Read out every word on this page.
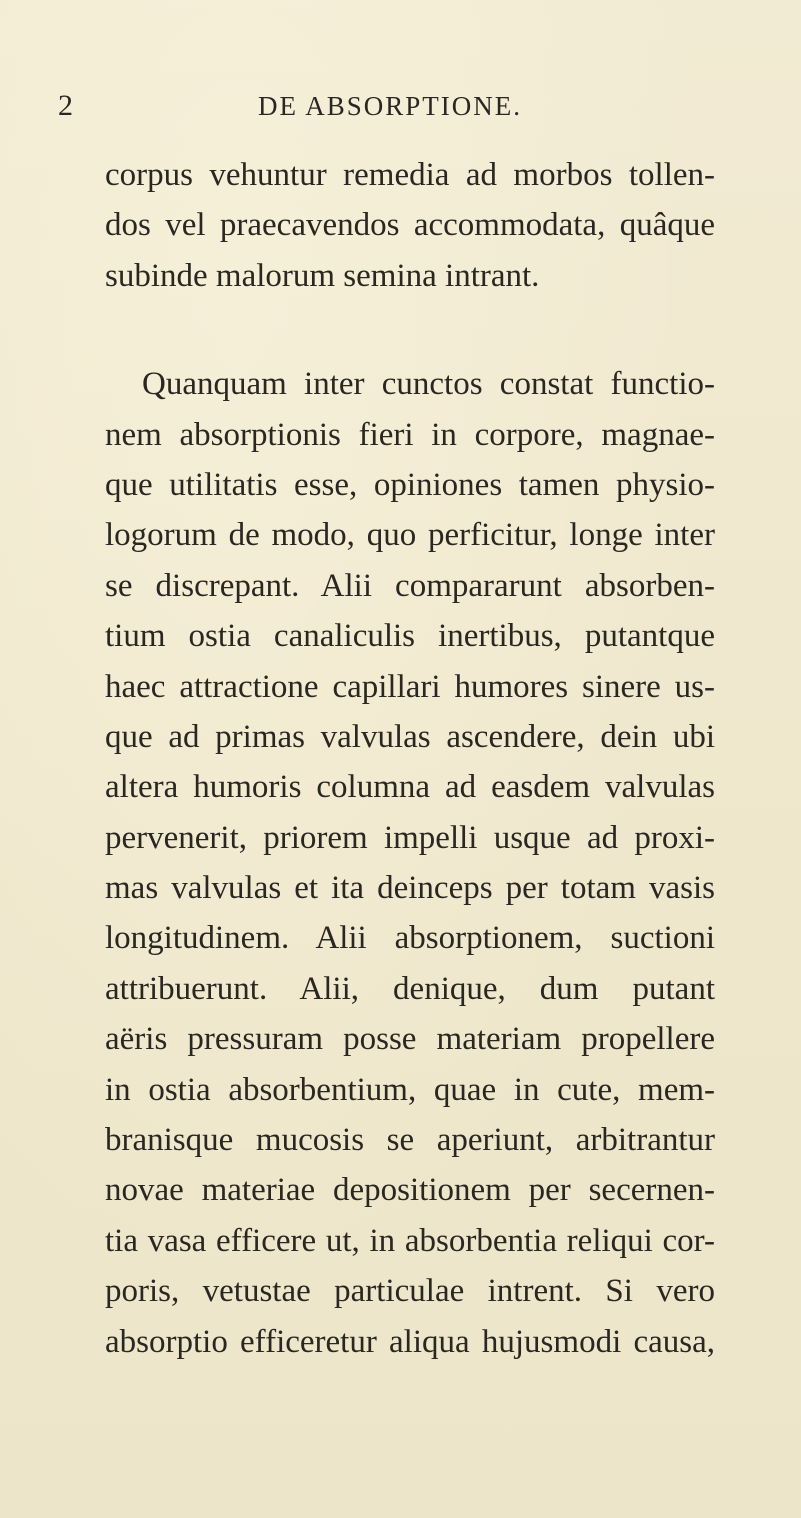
2	DE ABSORPTIONE.
corpus vehuntur remedia ad morbos tollen-
dos vel praecavendos accommodata, quâque
subinde malorum semina intrant.
Quanquam inter cunctos constat functio-
nem absorptionis fieri in corpore, magnae-
que utilitatis esse, opiniones tamen physio-
logorum de modo, quo perficitur, longe inter
se discrepant. Alii compararunt absorben-
tium ostia canaliculis inertibus, putantque
haec attractione capillari humores sinere us-
que ad primas valvulas ascendere, dein ubi
altera humoris columna ad easdem valvulas
pervenerit, priorem impelli usque ad proxi-
mas valvulas et ita deinceps per totam vasis
longitudinem. Alii absorptionem, suctioni
attribuerunt. Alii, denique, dum putant
aëris pressuram posse materiam propellere
in ostia absorbentium, quae in cute, mem-
branisque mucosis se aperiunt, arbitrantur
novae materiae depositionem per secernen-
tia vasa efficere ut, in absorbentia reliqui cor-
poris, vetustae particulae intrent. Si vero
absorptio efficeretur aliqua hujusmodi causa,
